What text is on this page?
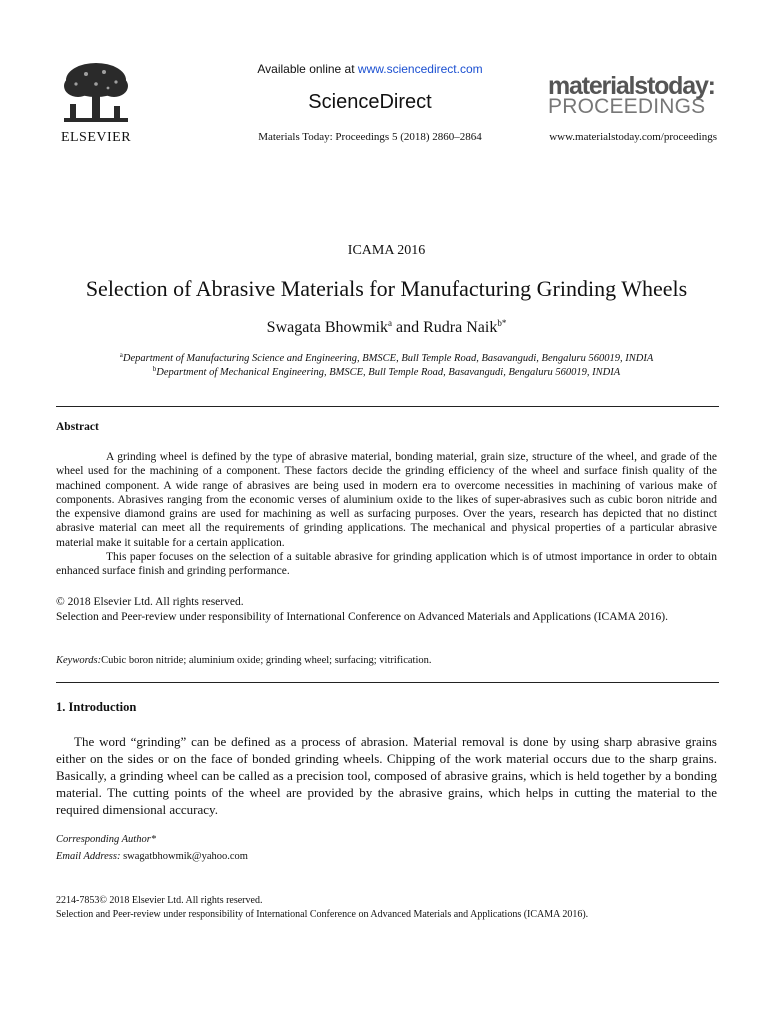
ELSEVIER
Available online at www.sciencedirect.com
ScienceDirect
Materials Today: Proceedings 5 (2018) 2860–2864
materialstoday:
PROCEEDINGS
www.materialstoday.com/proceedings
ICAMA 2016
Selection of Abrasive Materials for Manufacturing Grinding Wheels
Swagata Bhowmik$^a$ and Rudra Naik$^{b*}$
$^a$Department of Manufacturing Science and Engineering, BMSCE, Bull Temple Road, Basavangudi, Bengaluru 560019, INDIA
$^b$Department of Mechanical Engineering, BMSCE, Bull Temple Road, Basavangudi, Bengaluru 560019, INDIA
Abstract

A grinding wheel is defined by the type of abrasive material, bonding material, grain size, structure of the wheel, and grade of the wheel used for the machining of a component. These factors decide the grinding efficiency of the wheel and surface finish quality of the machined component. A wide range of abrasives are being used in modern era to overcome necessities in machining of various make of components. Abrasives ranging from the economic verses of aluminium oxide to the likes of super-abrasives such as cubic boron nitride and the expensive diamond grains are used for machining as well as surfacing purposes. Over the years, research has depicted that no distinct abrasive material can meet all the requirements of grinding applications. The mechanical and physical properties of a particular abrasive material make it suitable for a certain application.

This paper focuses on the selection of a suitable abrasive for grinding application which is of utmost importance in order to obtain enhanced surface finish and grinding performance.

© 2018 Elsevier Ltd. All rights reserved.
Selection and Peer-review under responsibility of International Conference on Advanced Materials and Applications (ICAMA 2016).
Keywords:Cubic boron nitride; aluminium oxide; grinding wheel; surfacing; vitrification.
1. Introduction

The word “grinding” can be defined as a process of abrasion. Material removal is done by using sharp abrasive grains either on the sides or on the face of bonded grinding wheels. Chipping of the work material occurs due to the sharp grains. Basically, a grinding wheel can be called as a precision tool, composed of abrasive grains, which is held together by a bonding material. The cutting points of the wheel are provided by the abrasive grains, which helps in cutting the material to the required dimensional accuracy.

Corresponding Author*
Email Address: swagatbhowmik@yahoo.com
2214-7853© 2018 Elsevier Ltd. All rights reserved.
Selection and Peer-review under responsibility of International Conference on Advanced Materials and Applications (ICAMA 2016).
